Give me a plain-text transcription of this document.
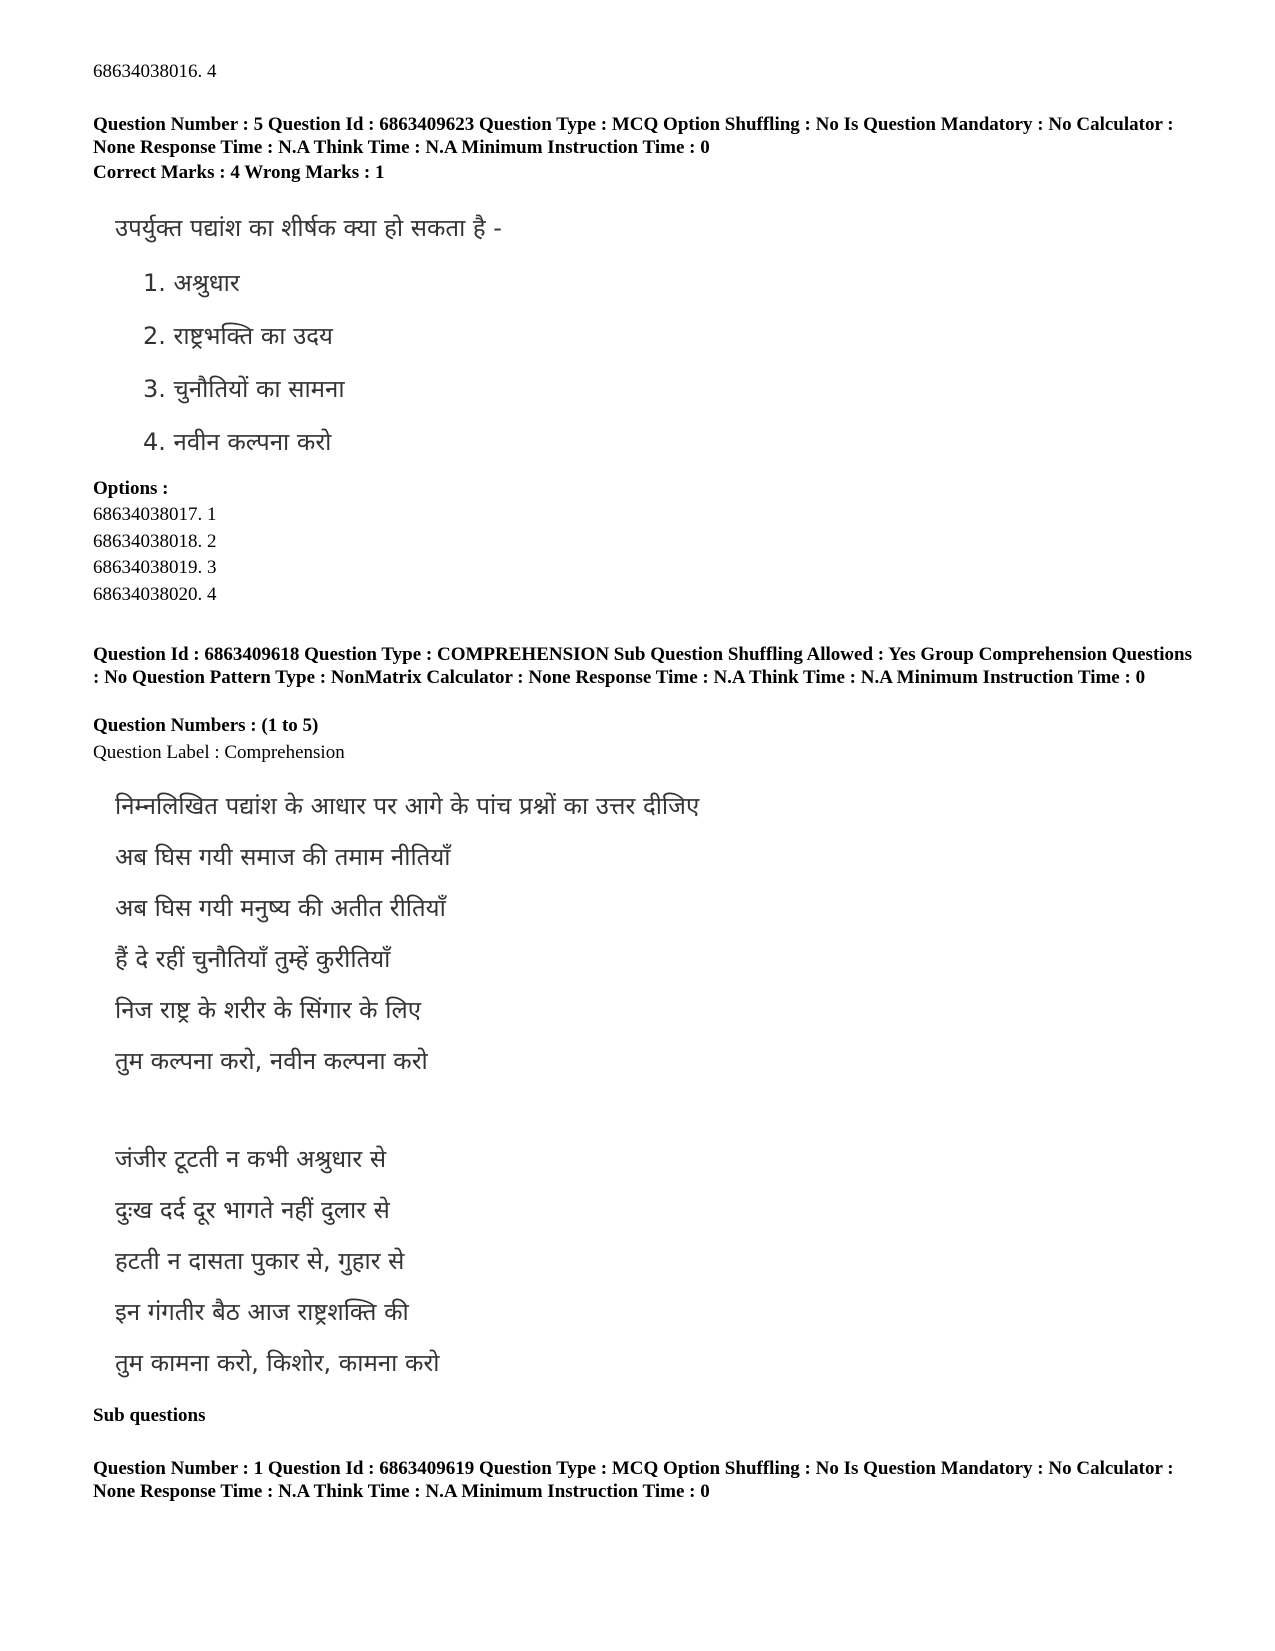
68634038016. 4
Question Number : 5 Question Id : 6863409623 Question Type : MCQ Option Shuffling : No Is Question Mandatory : No Calculator : None Response Time : N.A Think Time : N.A Minimum Instruction Time : 0
Correct Marks : 4 Wrong Marks : 1
उपर्युक्त पद्यांश का शीर्षक क्या हो सकता है -
1. अश्रुधार
2. राष्ट्रभक्ति का उदय
3. चुनौतियों का सामना
4. नवीन कल्पना करो
Options :
68634038017. 1
68634038018. 2
68634038019. 3
68634038020. 4
Question Id : 6863409618 Question Type : COMPREHENSION Sub Question Shuffling Allowed : Yes Group Comprehension Questions : No Question Pattern Type : NonMatrix Calculator : None Response Time : N.A Think Time : N.A Minimum Instruction Time : 0
Question Numbers : (1 to 5)
Question Label : Comprehension
निम्नलिखित पद्यांश के आधार पर आगे के पांच प्रश्नों का उत्तर दीजिए
अब घिस गयी समाज की तमाम नीतियाँ
अब घिस गयी मनुष्य की अतीत रीतियाँ
हैं दे रहीं चुनौतियाँ तुम्हें कुरीतियाँ
निज राष्ट्र के शरीर के सिंगार के लिए
तुम कल्पना करो, नवीन कल्पना करो
जंजीर टूटती न कभी अश्रुधार से
दुःख दर्द दूर भागते नहीं दुलार से
हटती न दासता पुकार से, गुहार से
इन गंगतीर बैठ आज राष्ट्रशक्ति की
तुम कामना करो, किशोर, कामना करो
Sub questions
Question Number : 1 Question Id : 6863409619 Question Type : MCQ Option Shuffling : No Is Question Mandatory : No Calculator : None Response Time : N.A Think Time : N.A Minimum Instruction Time : 0
